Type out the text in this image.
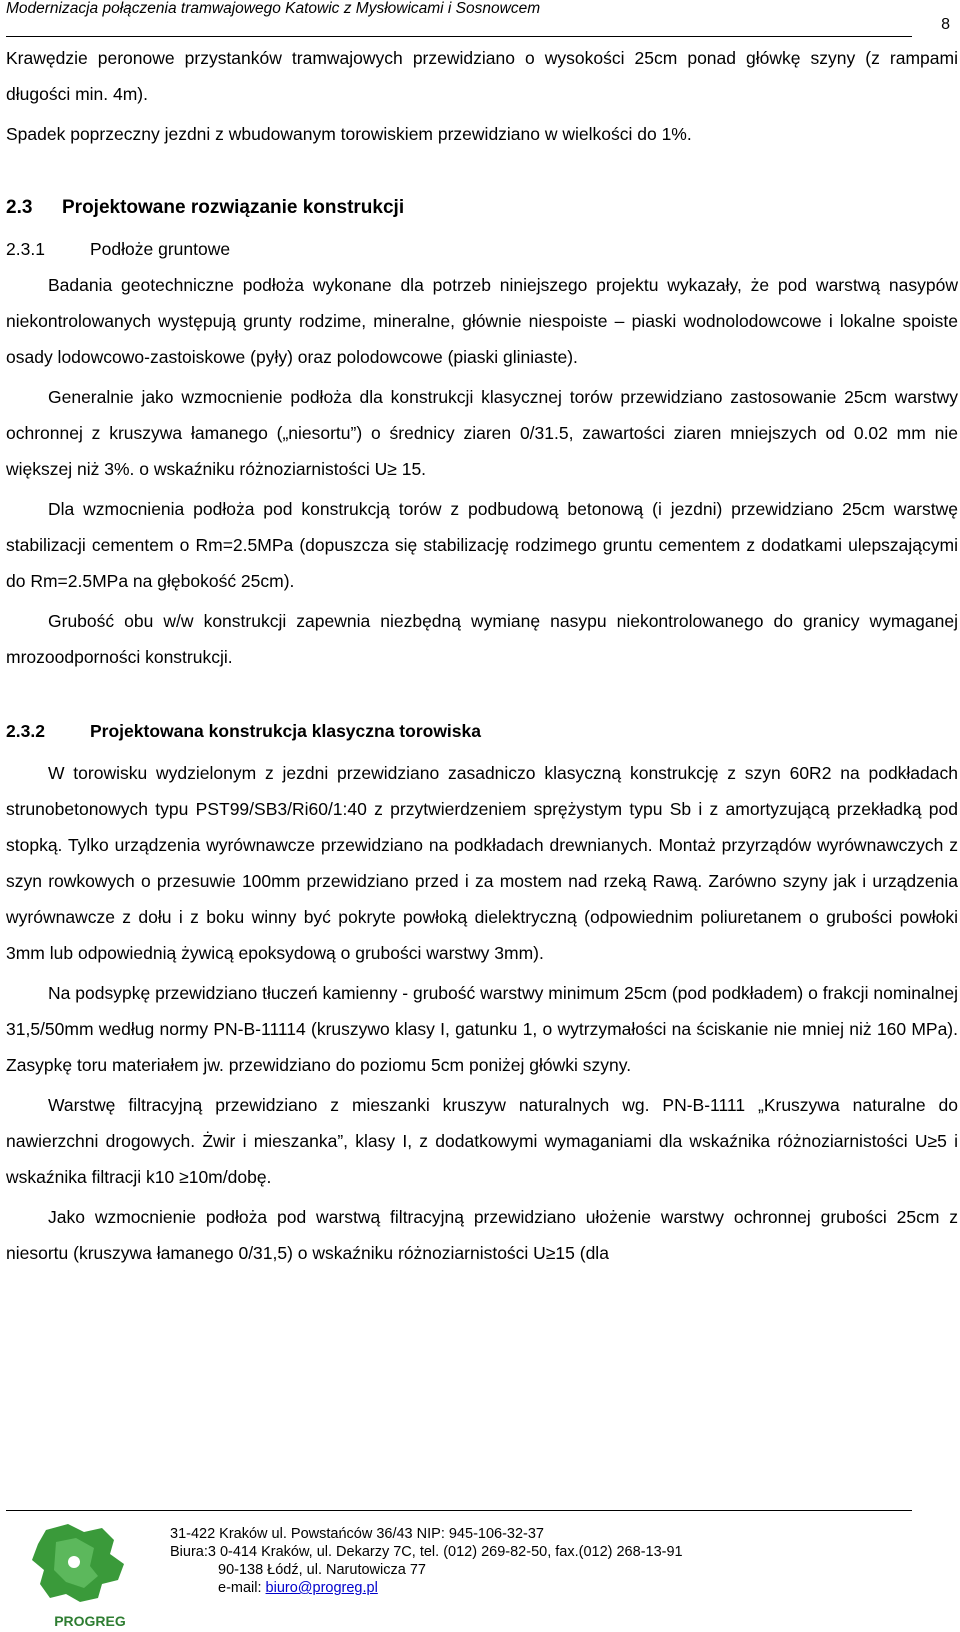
Modernizacja połączenia tramwajowego Katowic z Mysłowicami i Sosnowcem
8

Krawędzie peronowe przystanków tramwajowych przewidziano o wysokości 25cm ponad główkę szyny (z rampami długości min. 4m).

Spadek poprzeczny jezdni z wbudowanym torowiskiem przewidziano w wielkości do 1%.

2.3 Projektowane rozwiązanie konstrukcji
2.3.1	Podłoże gruntowe

Badania geotechniczne podłoża wykonane dla potrzeb niniejszego projektu wykazały, że pod warstwą nasypów niekontrolowanych występują grunty rodzime, mineralne, głównie niespoiste – piaski wodnolodowcowe i lokalne spoiste osady lodowcowo-zastoiskowe (pyły) oraz polodowcowe (piaski gliniaste).

Generalnie jako wzmocnienie podłoża dla konstrukcji klasycznej torów przewidziano zastosowanie 25cm warstwy ochronnej z kruszywa łamanego („niesortu”) o średnicy ziaren 0/31.5, zawartości ziaren mniejszych od 0.02 mm nie większej niż 3%. o wskaźniku różnoziarnistości U≥ 15.

Dla wzmocnienia podłoża pod konstrukcją torów z podbudową betonową (i jezdni) przewidziano 25cm warstwę stabilizacji cementem o Rm=2.5MPa (dopuszcza się stabilizację rodzimego gruntu cementem z dodatkami ulepszającymi do Rm=2.5MPa na głębokość 25cm).

Grubość obu w/w konstrukcji zapewnia niezbędną wymianę nasypu niekontrolowanego do granicy wymaganej mrozoodporności konstrukcji.

2.3.2	Projektowana konstrukcja klasyczna torowiska

W torowisku wydzielonym z jezdni przewidziano zasadniczo klasyczną konstrukcję z szyn 60R2 na podkładach strunobetonowych typu PST99/SB3/Ri60/1:40 z przytwierdzeniem sprężystym typu Sb i z amortyzującą przekładką pod stopką. Tylko urządzenia wyrównawcze przewidziano na podkładach drewnianych. Montaż przyrządów wyrównawczych z szyn rowkowych o przesuwie 100mm przewidziano przed i za mostem nad rzeką Rawą. Zarówno szyny jak i urządzenia wyrównawcze z dołu i z boku winny być pokryte powłoką dielektryczną (odpowiednim poliuretanem o grubości powłoki 3mm lub odpowiednią żywicą epoksydową o grubości warstwy 3mm).

Na podsypkę przewidziano tłuczeń kamienny - grubość warstwy minimum 25cm (pod podkładem) o frakcji nominalnej 31,5/50mm według normy PN-B-11114 (kruszywo klasy I, gatunku 1, o wytrzymałości na ściskanie nie mniej niż 160 MPa). Zasypkę toru materiałem jw. przewidziano do poziomu 5cm poniżej główki szyny.

Warstwę filtracyjną przewidziano z mieszanki kruszyw naturalnych wg. PN-B-1111 „Kruszywa naturalne do nawierzchni drogowych. Żwir i mieszanka”, klasy I, z dodatkowymi wymaganiami dla wskaźnika różnoziarnistości U≥5 i wskaźnika filtracji k10 ≥10m/dobę.

Jako wzmocnienie podłoża pod warstwą filtracyjną przewidziano ułożenie warstwy ochronnej grubości 25cm z niesortu (kruszywa łamanego 0/31,5) o wskaźniku różnoziarnistości U≥15 (dla

PROGREG
31-422 Kraków ul. Powstańców 36/43 NIP: 945-106-32-37
Biura:3 0-414 Kraków, ul. Dekarzy 7C, tel. (012) 269-82-50, fax.(012) 268-13-91
90-138 Łódź, ul. Narutowicza 77
e-mail: biuro@progreg.pl
